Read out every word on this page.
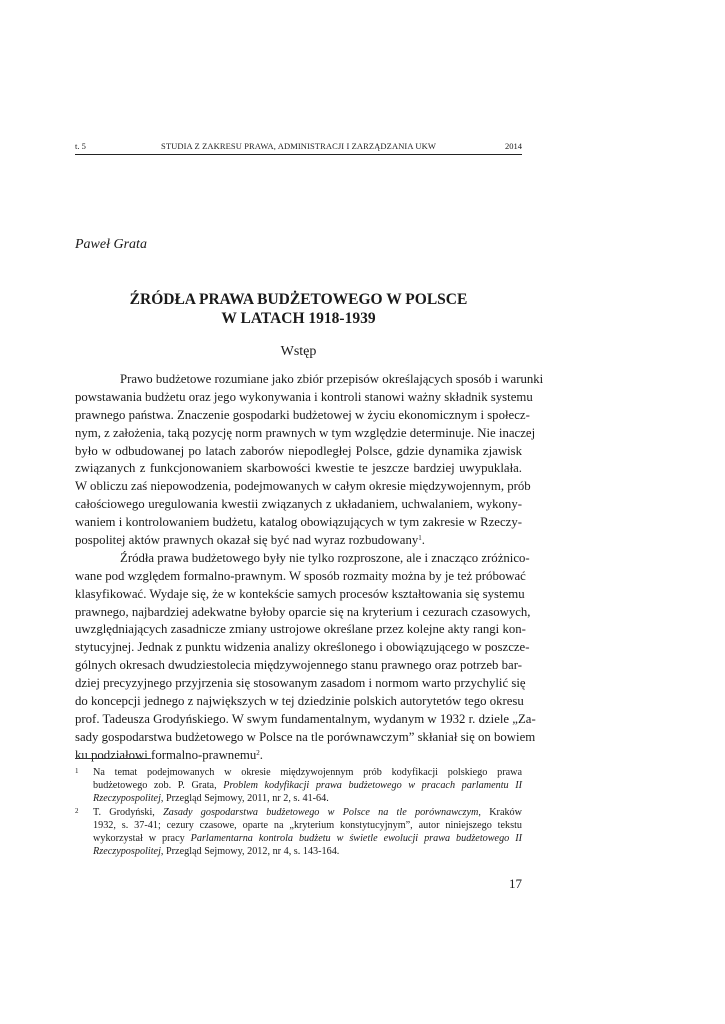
t. 5	STUDIA Z ZAKRESU PRAWA, ADMINISTRACJI I ZARZĄDZANIA UKW	2014
Paweł Grata
ŹRÓDŁA PRAWA BUDŻETOWEGO W POLSCE
W LATACH 1918-1939
Wstęp
Prawo budżetowe rozumiane jako zbiór przepisów określających sposób i warunki
powstawania budżetu oraz jego wykonywania i kontroli stanowi ważny składnik systemu
prawnego państwa. Znaczenie gospodarki budżetowej w życiu ekonomicznym i społecz-
nym, z założenia, taką pozycję norm prawnych w tym względzie determinuje. Nie inaczej
było w odbudowanej po latach zaborów niepodległej Polsce, gdzie dynamika zjawisk
związanych z funkcjonowaniem skarbowości kwestie te jeszcze bardziej uwypuklała.
W obliczu zaś niepowodzenia, podejmowanych w całym okresie międzywojennym, prób
całościowego uregulowania kwestii związanych z układaniem, uchwalaniem, wykony-
waniem i kontrolowaniem budżetu, katalog obowiązujących w tym zakresie w Rzeczy-
pospolitej aktów prawnych okazał się być nad wyraz rozbudowany$^1$.
Źródła prawa budżetowego były nie tylko rozproszone, ale i znacząco zróżnico-
wane pod względem formalno-prawnym. W sposób rozmaity można by je też próbować
klasyfikować. Wydaje się, że w kontekście samych procesów kształtowania się systemu
prawnego, najbardziej adekwatne byłoby oparcie się na kryterium i cezurach czasowych,
uwzględniających zasadnicze zmiany ustrojowe określane przez kolejne akty rangi kon-
stytucyjnej. Jednak z punktu widzenia analizy określonego i obowiązującego w poszcze-
gólnych okresach dwudziestolecia międzywojennego stanu prawnego oraz potrzeb bar-
dziej precyzyjnego przyjrzenia się stosowanym zasadom i normom warto przychylić się
do koncepcji jednego z największych w tej dziedzinie polskich autorytetów tego okresu
prof. Tadeusza Grodyńskiego. W swym fundamentalnym, wydanym w 1932 r. dziele „Za-
sady gospodarstwa budżetowego w Polsce na tle porównawczym” skłaniał się on bowiem
ku podziałowi formalno-prawnemu$^2$.
1 Na temat podejmowanych w okresie międzywojennym prób kodyfikacji polskiego prawa
budżetowego zob. P. Grata, Problem kodyfikacji prawa budżetowego w pracach parlamentu II
Rzeczypospolitej, Przegląd Sejmowy, 2011, nr 2, s. 41-64.
2 T. Grodyński, Zasady gospodarstwa budżetowego w Polsce na tle porównawczym, Kraków
1932, s. 37-41; cezury czasowe, oparte na „kryterium konstytucyjnym”, autor niniejszego tekstu
wykorzystał w pracy Parlamentarna kontrola budżetu w świetle ewolucji prawa budżetowego II
Rzeczypospolitej, Przegląd Sejmowy, 2012, nr 4, s. 143-164.
17
